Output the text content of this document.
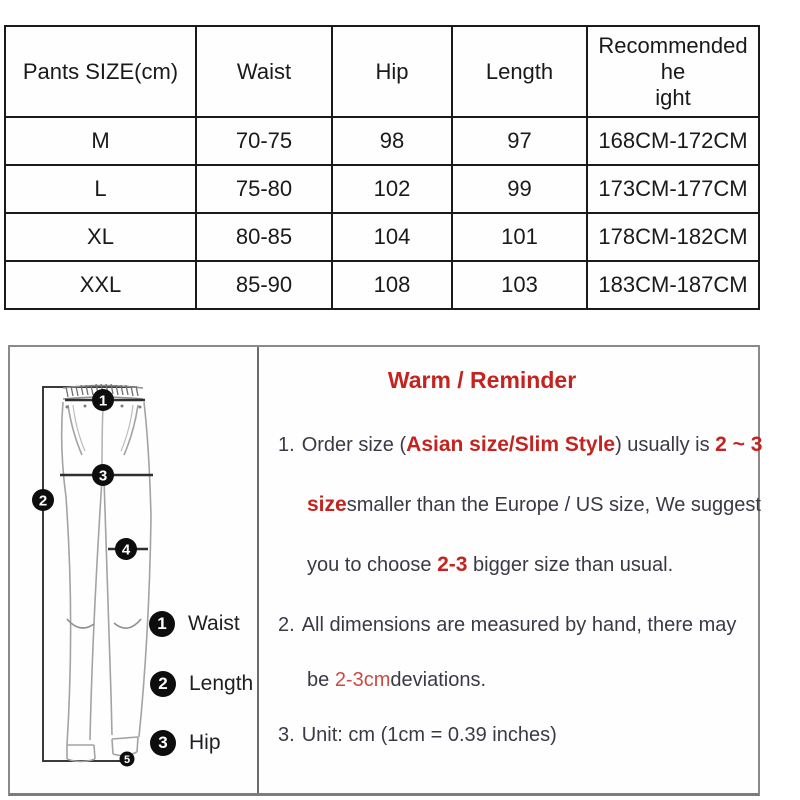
Pants SIZE(cm)	Waist	Hip	Length	Recommended he
ight

M	70-75	98	97	168CM-172CM
L	75-80	102	99	173CM-177CM
XL	80-85	104	101	178CM-182CM
XXL	85-90	108	103	183CM-187CM
1
2
3
4
5
1	Waist
2	Length
3	Hip
Warm / Reminder
1. Order size (Asian size/Slim Style) usually is 2 ~ 3
sizesmaller than the Europe / US size, We suggest
you to choose 2-3 bigger size than usual.
2. All dimensions are measured by hand, there may
be 2-3cmdeviations.
3. Unit: cm (1cm = 0.39 inches)
